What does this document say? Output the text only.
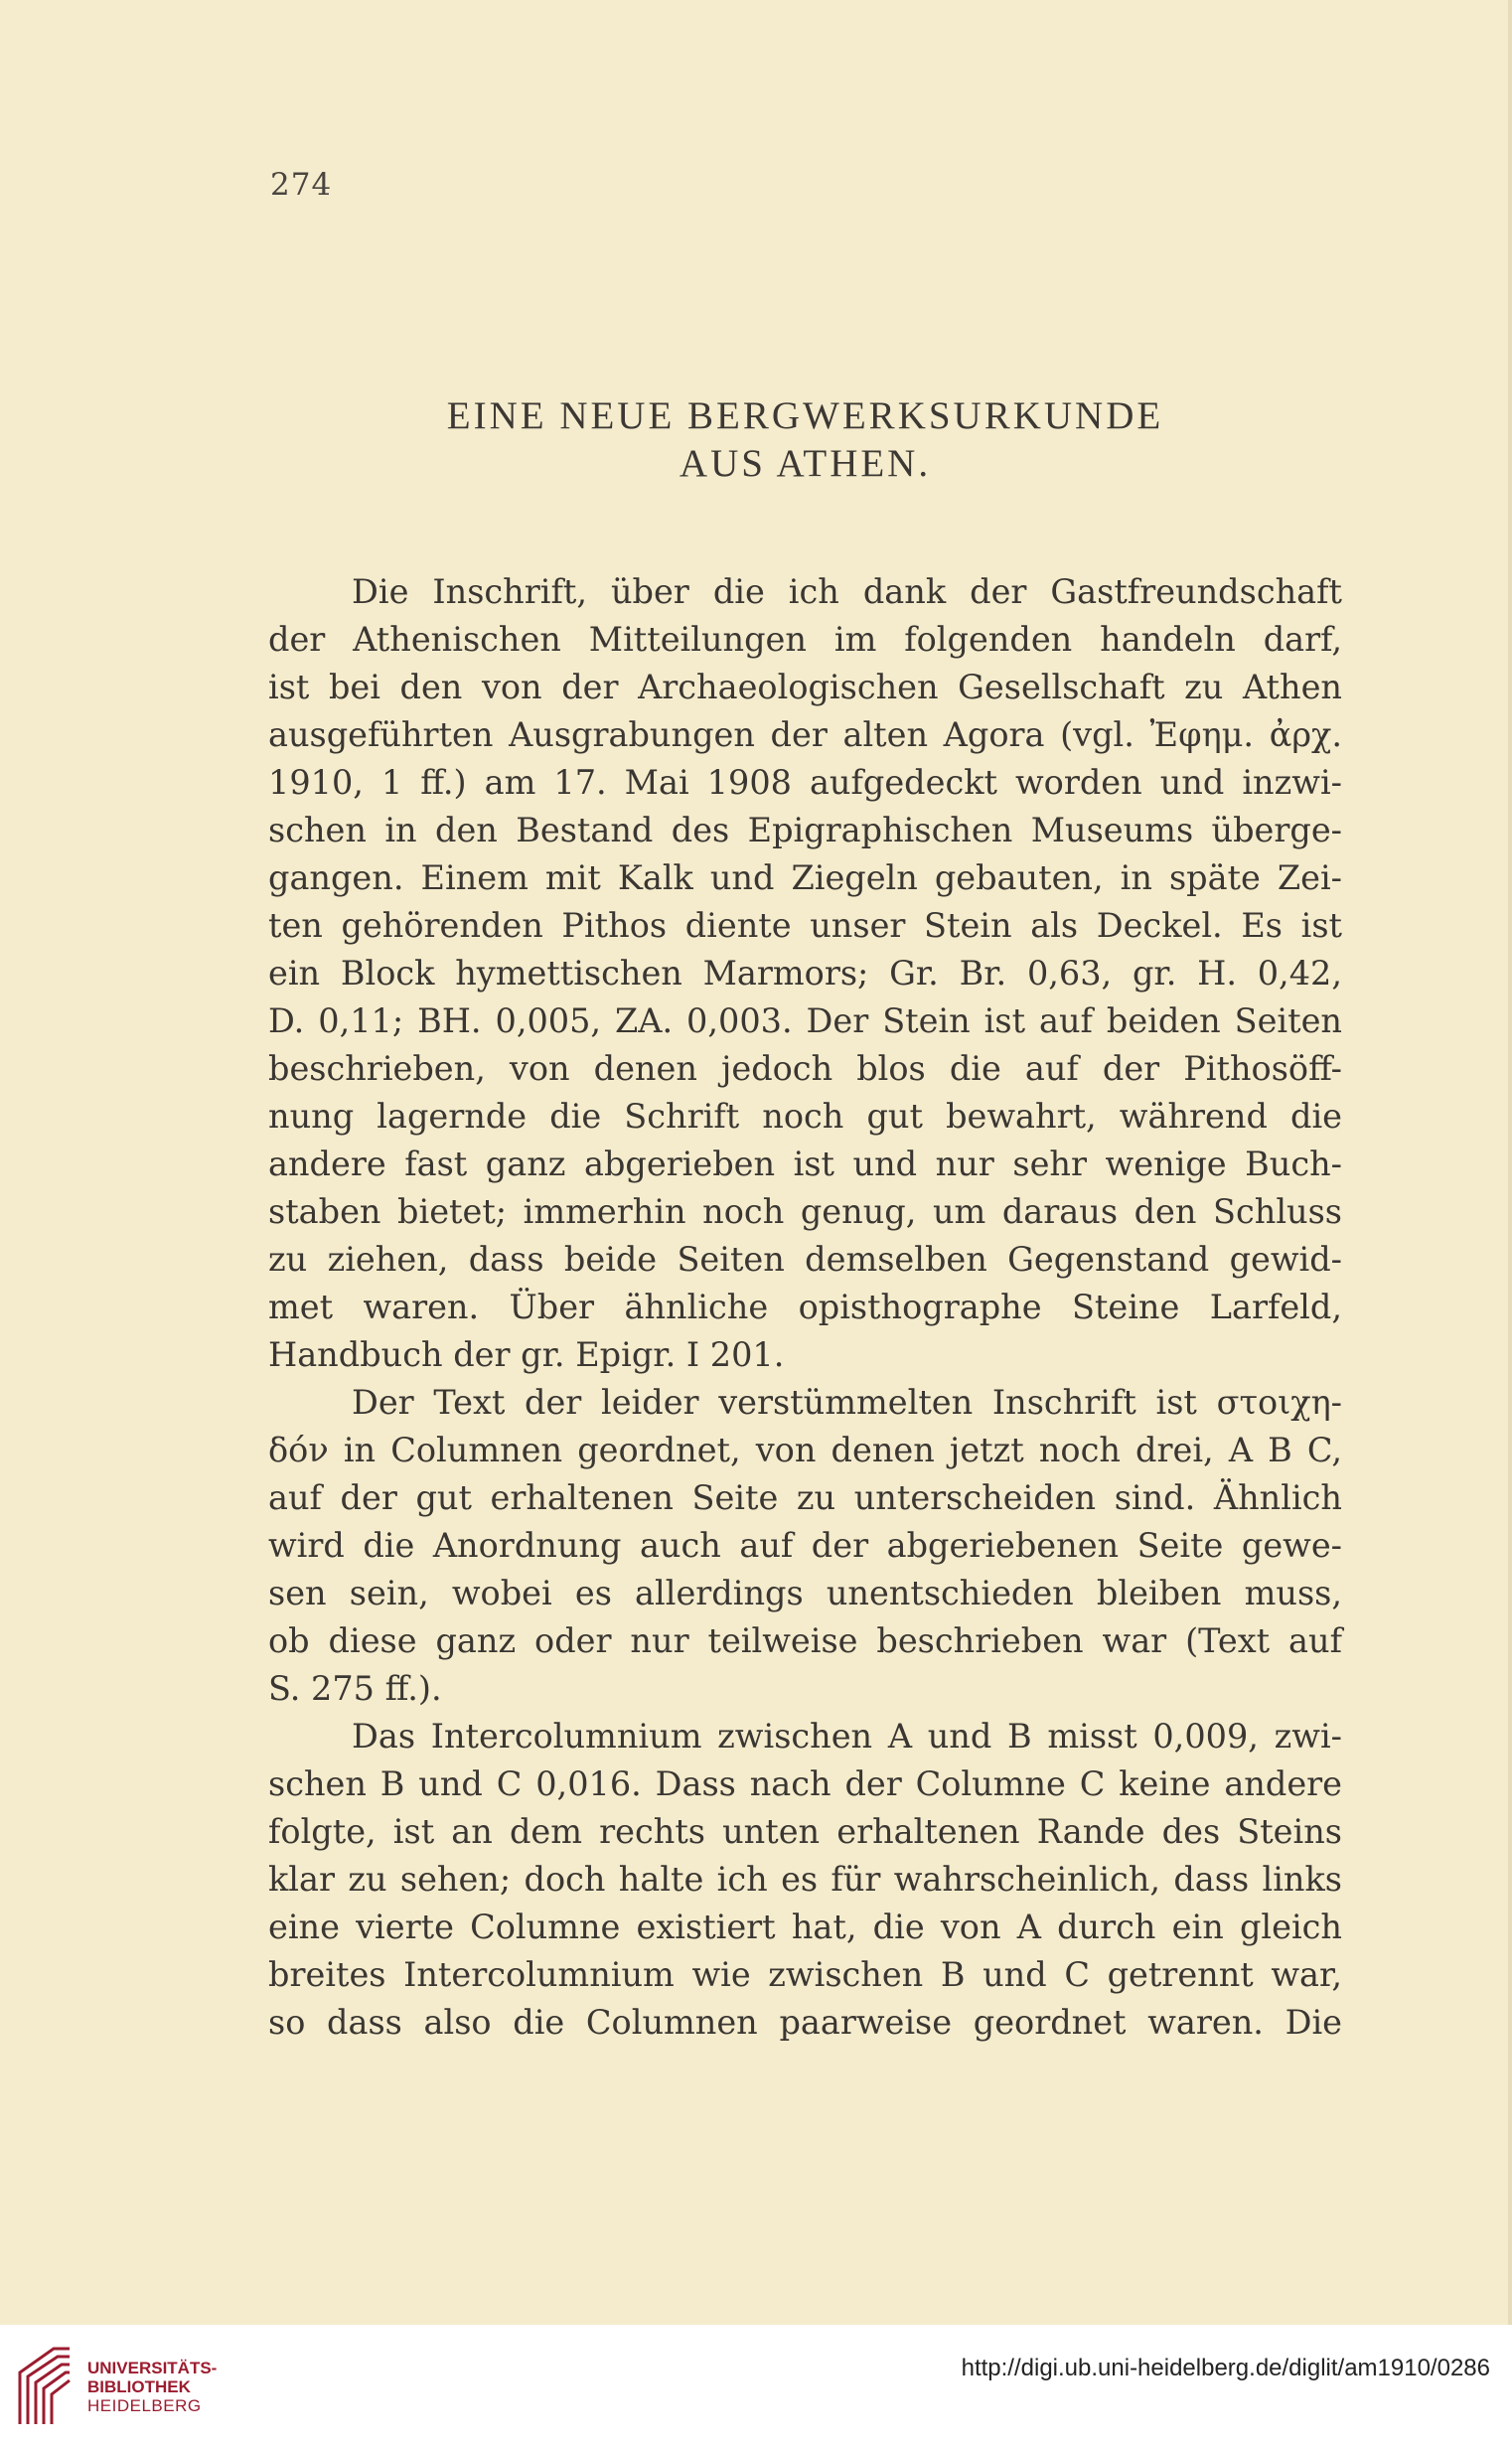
274
EINE NEUE BERGWERKSURKUNDE
AUS ATHEN.
Die Inschrift, über die ich dank der Gastfreundschaft
der Athenischen Mitteilungen im folgenden handeln darf,
ist bei den von der Archaeologischen Gesellschaft zu Athen
ausgeführten Ausgrabungen der alten Agora (vgl. Ἐφημ. ἀρχ.
1910, 1 ff.) am 17. Mai 1908 aufgedeckt worden und inzwi-
schen in den Bestand des Epigraphischen Museums überge-
gangen. Einem mit Kalk und Ziegeln gebauten, in späte Zei-
ten gehörenden Pithos diente unser Stein als Deckel. Es ist
ein Block hymettischen Marmors; Gr. Br. 0,63, gr. H. 0,42,
D. 0,11; BH. 0,005, ZA. 0,003. Der Stein ist auf beiden Seiten
beschrieben, von denen jedoch blos die auf der Pithosöff-
nung lagernde die Schrift noch gut bewahrt, während die
andere fast ganz abgerieben ist und nur sehr wenige Buch-
staben bietet; immerhin noch genug, um daraus den Schluss
zu ziehen, dass beide Seiten demselben Gegenstand gewid-
met waren. Über ähnliche opisthographe Steine Larfeld,
Handbuch der gr. Epigr. I 201.
Der Text der leider verstümmelten Inschrift ist στοιχη-
δόν in Columnen geordnet, von denen jetzt noch drei, A B C,
auf der gut erhaltenen Seite zu unterscheiden sind. Ähnlich
wird die Anordnung auch auf der abgeriebenen Seite gewe-
sen sein, wobei es allerdings unentschieden bleiben muss,
ob diese ganz oder nur teilweise beschrieben war (Text auf
S. 275 ff.).
Das Intercolumnium zwischen A und B misst 0,009, zwi-
schen B und C 0,016. Dass nach der Columne C keine andere
folgte, ist an dem rechts unten erhaltenen Rande des Steins
klar zu sehen; doch halte ich es für wahrscheinlich, dass links
eine vierte Columne existiert hat, die von A durch ein gleich
breites Intercolumnium wie zwischen B und C getrennt war,
so dass also die Columnen paarweise geordnet waren. Die
UNIVERSITÄTS-
BIBLIOTHEK
HEIDELBERG
http://digi.ub.uni-heidelberg.de/diglit/am1910/0286
